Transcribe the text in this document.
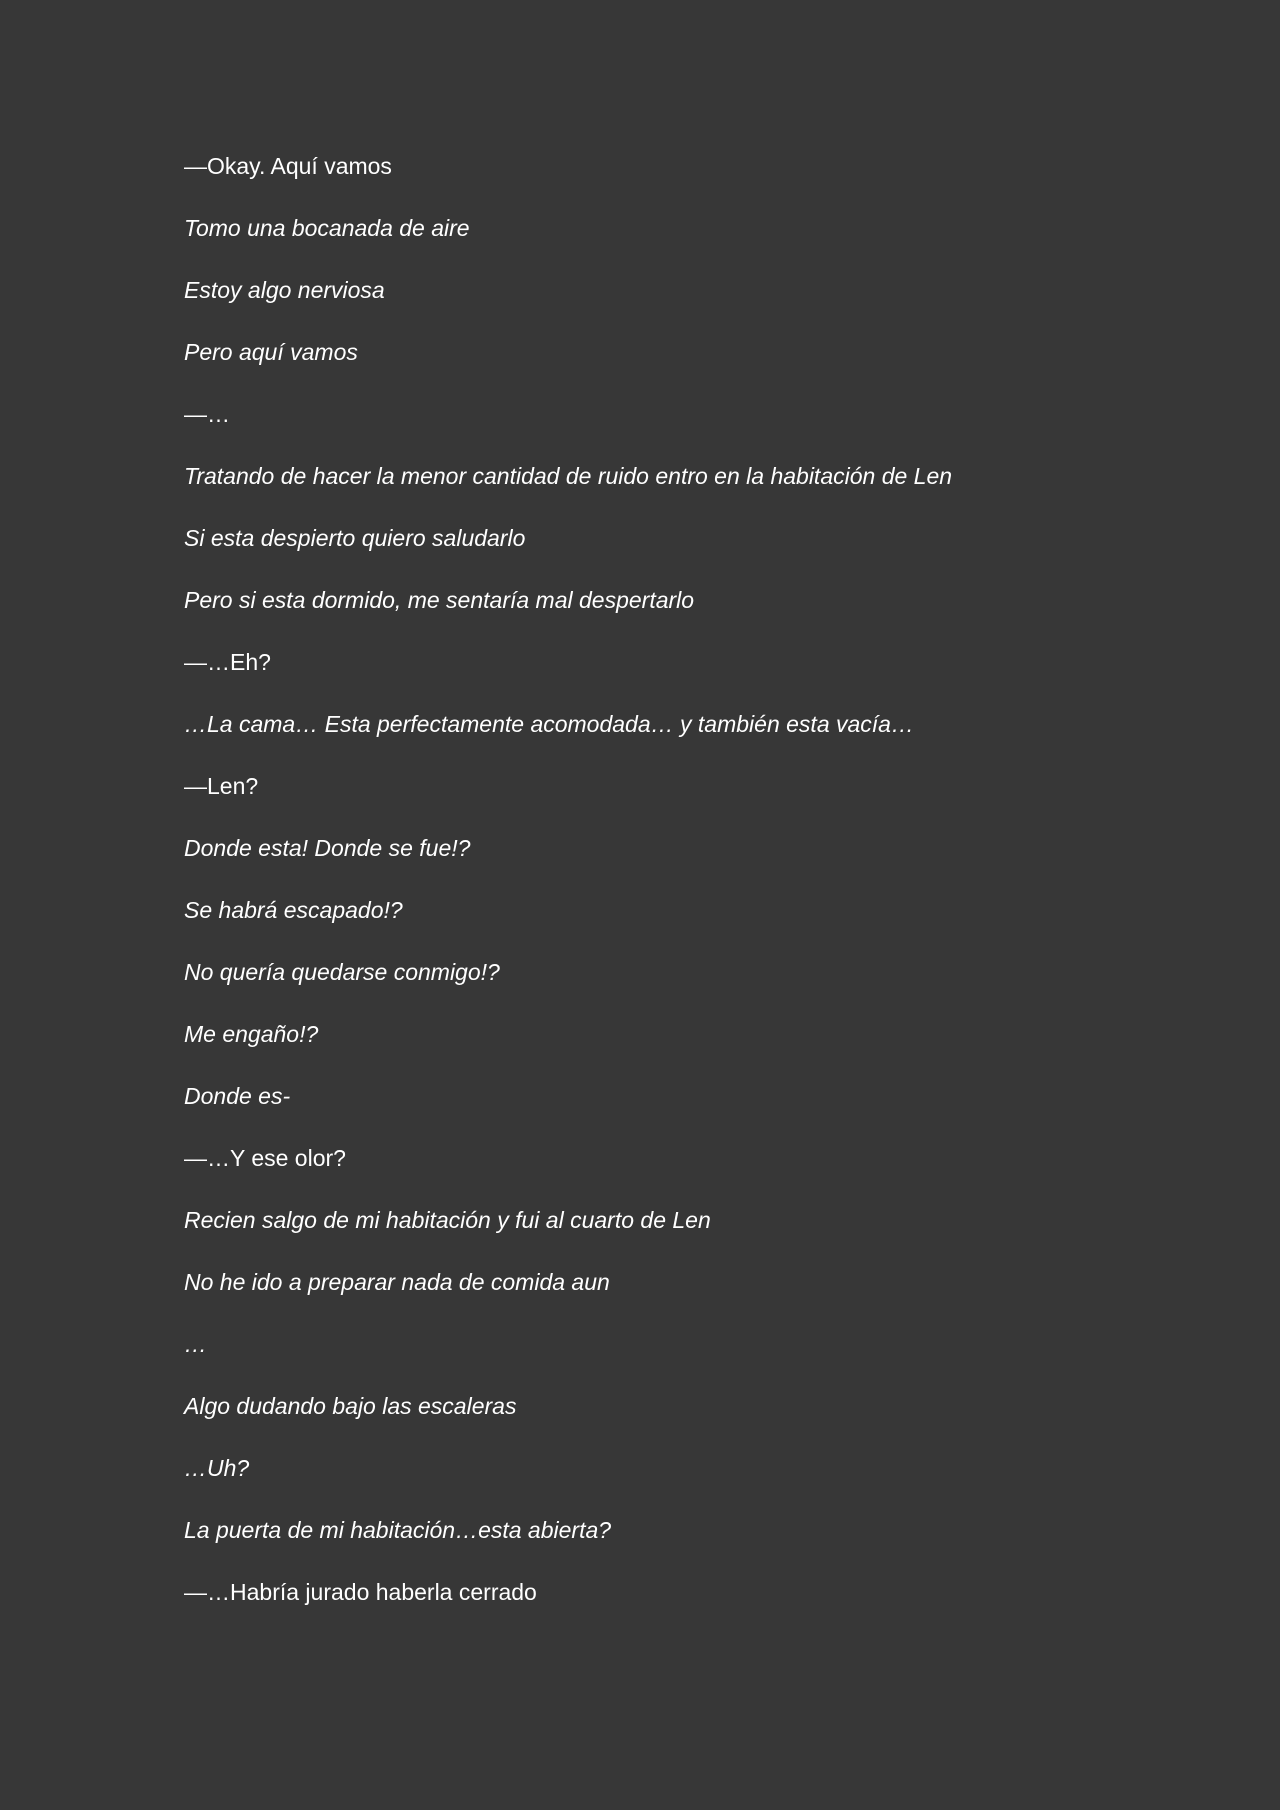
—Okay. Aquí vamos
Tomo una bocanada de aire
Estoy algo nerviosa
Pero aquí vamos
—…
Tratando de hacer la menor cantidad de ruido entro en la habitación de Len
Si esta despierto quiero saludarlo
Pero si esta dormido, me sentaría mal despertarlo
—…Eh?
…La cama… Esta perfectamente acomodada… y también esta vacía…
—Len?
Donde esta! Donde se fue!?
Se habrá escapado!?
No quería quedarse conmigo!?
Me engaño!?
Donde es-
—…Y ese olor?
Recien salgo de mi habitación y fui al cuarto de Len
No he ido a preparar nada de comida aun
…
Algo dudando bajo las escaleras
…Uh?
La puerta de mi habitación…esta abierta?
—…Habría jurado haberla cerrado
